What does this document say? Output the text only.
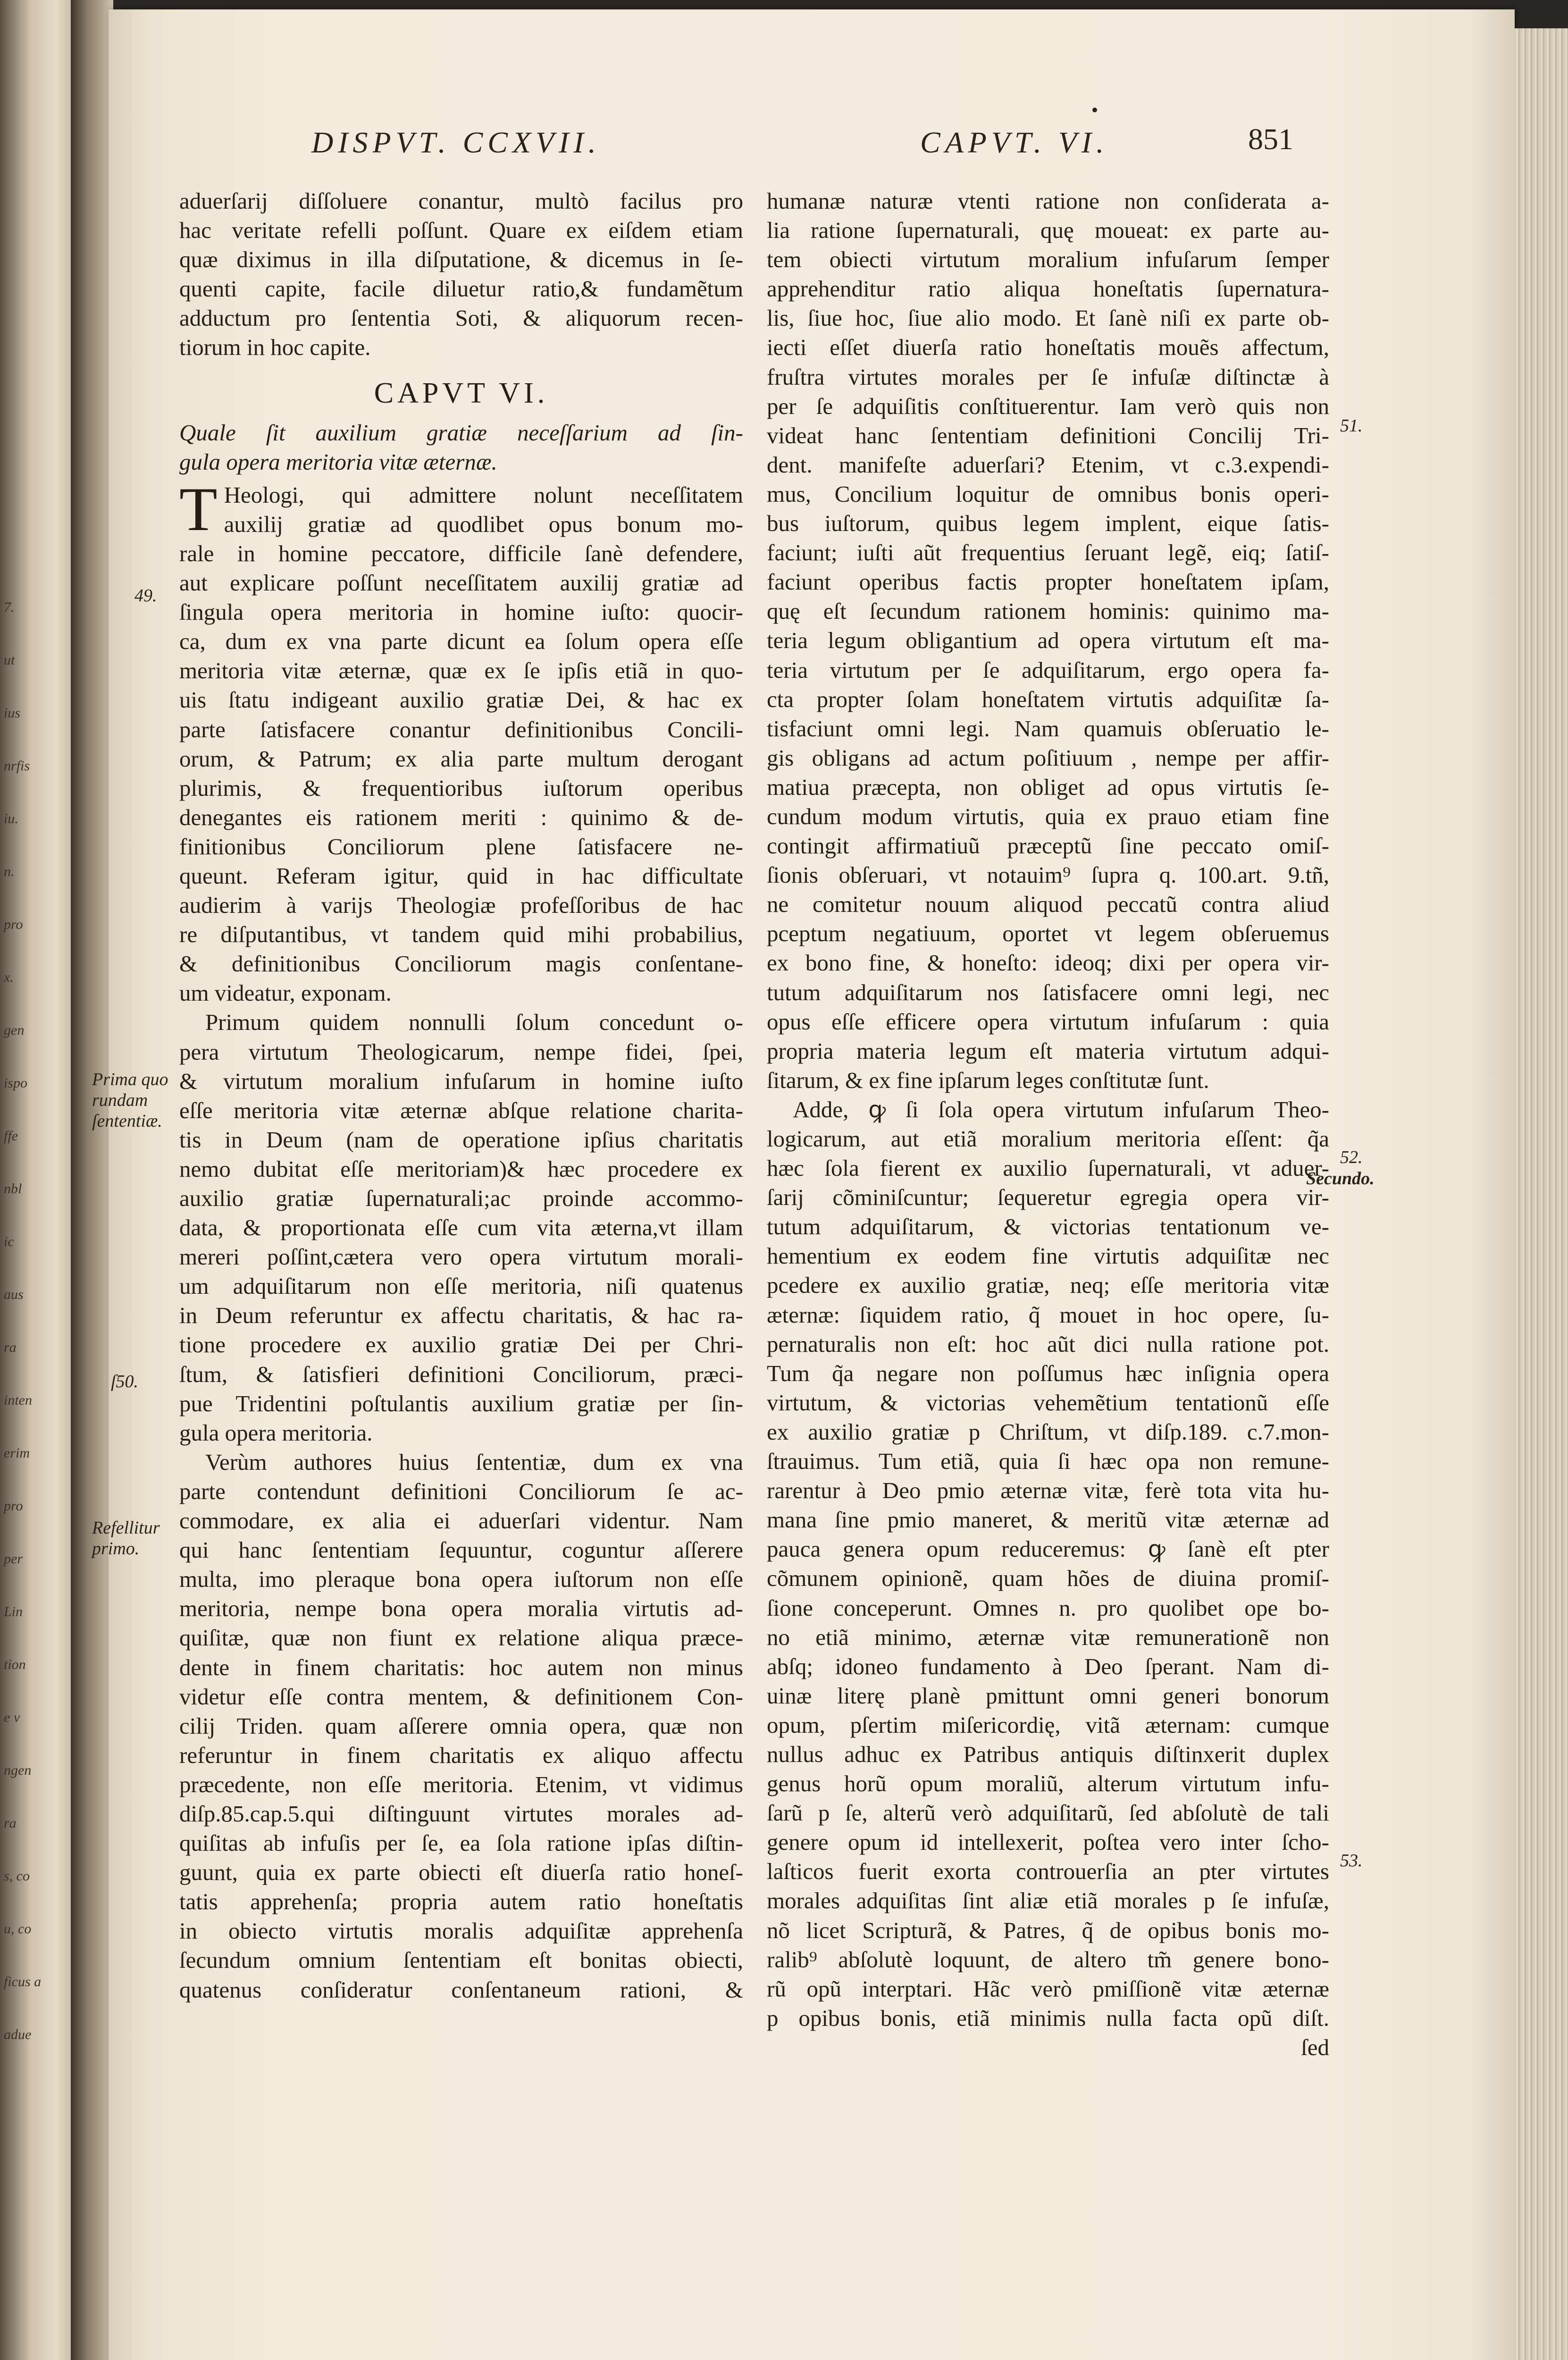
7.
ut
ius
nrfis
iu.
n.
pro
x.
gen
ispo
ffe
nbl
ic
aus
ra
inten
erim
pro
per
Lin
tion
e v
ngen
ra
s, co
u, co
ficus a
adue
DISPVT. CCXVII.	CAPVT. VI.	851

aduerſarij diſſoluere conantur, multò facilus pro

hac veritate refelli poſſunt. Quare ex eiſdem etiam

quæ diximus in illa diſputatione, & dicemus in ſe-

quenti capite, facile diluetur ratio,& fundamẽtum

adductum pro ſententia Soti, & aliquorum recen-

tiorum in hoc capite.

CAPVT VI.

Quale ſit auxilium gratiæ neceſſarium ad ſin-

gula opera meritoria vitæ æternæ.

T Heologi, qui admittere nolunt neceſſitatem

auxilij gratiæ ad quodlibet opus bonum mo-

rale in homine peccatore, difficile ſanè defendere,

aut explicare poſſunt neceſſitatem auxilij gratiæ ad

ſingula opera meritoria in homine iuſto: quocir-

ca, dum ex vna parte dicunt ea ſolum opera eſſe

meritoria vitæ æternæ, quæ ex ſe ipſis etiã in quo-

uis ſtatu indigeant auxilio gratiæ Dei, & hac ex

parte ſatisfacere conantur definitionibus Concili-

orum, & Patrum; ex alia parte multum derogant

plurimis, & frequentioribus iuſtorum operibus

denegantes eis rationem meriti : quinimo & de-

finitionibus Conciliorum plene ſatisfacere ne-

queunt. Referam igitur, quid in hac difficultate

audierim à varijs Theologiæ profeſſoribus de hac

re diſputantibus, vt tandem quid mihi probabilius,

& definitionibus Conciliorum magis conſentane-

um videatur, exponam.

Primum quidem nonnulli ſolum concedunt o-

pera virtutum Theologicarum, nempe fidei, ſpei,

& virtutum moralium infuſarum in homine iuſto

eſſe meritoria vitæ æternæ abſque relatione charita-

tis in Deum (nam de operatione ipſius charitatis

nemo dubitat eſſe meritoriam)& hæc procedere ex

auxilio gratiæ ſupernaturali;ac proinde accommo-

data, & proportionata eſſe cum vita æterna,vt illam

mereri poſſint,cætera vero opera virtutum morali-

um adquiſitarum non eſſe meritoria, niſi quatenus

in Deum referuntur ex affectu charitatis, & hac ra-

tione procedere ex auxilio gratiæ Dei per Chri-

ſtum, & ſatisfieri definitioni Conciliorum, præci-

pue Tridentini poſtulantis auxilium gratiæ per ſin-

gula opera meritoria.

Verùm authores huius ſententiæ, dum ex vna

parte contendunt definitioni Conciliorum ſe ac-

commodare, ex alia ei aduerſari videntur. Nam

qui hanc ſententiam ſequuntur, coguntur aſſerere

multa, imo pleraque bona opera iuſtorum non eſſe

meritoria, nempe bona opera moralia virtutis ad-

quiſitæ, quæ non fiunt ex relatione aliqua præce-

dente in finem charitatis: hoc autem non minus

videtur eſſe contra mentem, & definitionem Con-

cilij Triden. quam aſſerere omnia opera, quæ non

referuntur in finem charitatis ex aliquo affectu

præcedente, non eſſe meritoria. Etenim, vt vidimus

diſp.85.cap.5.qui diſtinguunt virtutes morales ad-

quiſitas ab infuſis per ſe, ea ſola ratione ipſas diſtin-

guunt, quia ex parte obiecti eſt diuerſa ratio honeſ-

tatis apprehenſa; propria autem ratio honeſtatis

in obiecto virtutis moralis adquiſitæ apprehenſa

ſecundum omnium ſententiam eſt bonitas obiecti,

quatenus conſideratur conſentaneum rationi, &

humanæ naturæ vtenti ratione non conſiderata a-

lia ratione ſupernaturali, quę moueat: ex parte au-

tem obiecti virtutum moralium infuſarum ſemper

apprehenditur ratio aliqua honeſtatis ſupernatura-

lis, ſiue hoc, ſiue alio modo. Et ſanè niſi ex parte ob-

iecti eſſet diuerſa ratio honeſtatis mouẽs affectum,

fruſtra virtutes morales per ſe infuſæ diſtinctæ à

per ſe adquiſitis conſtituerentur. Iam verò quis non

videat hanc ſententiam definitioni Concilij Tri-

dent. manifeſte aduerſari? Etenim, vt c.3.expendi-

mus, Concilium loquitur de omnibus bonis operi-

bus iuſtorum, quibus legem implent, eique ſatis-

faciunt; iuſti aũt frequentius ſeruant legẽ, eiq; ſatiſ-

faciunt operibus factis propter honeſtatem ipſam,

quę eſt ſecundum rationem hominis: quinimo ma-

teria legum obligantium ad opera virtutum eſt ma-

teria virtutum per ſe adquiſitarum, ergo opera fa-

cta propter ſolam honeſtatem virtutis adquiſitæ ſa-

tisfaciunt omni legi. Nam quamuis obſeruatio le-

gis obligans ad actum poſitiuum , nempe per affir-

matiua præcepta, non obliget ad opus virtutis ſe-

cundum modum virtutis, quia ex prauo etiam fine

contingit affirmatiuũ præceptũ ſine peccato omiſ-

ſionis obſeruari, vt notauim⁹ ſupra q. 100.art. 9.tñ,

ne comitetur nouum aliquod peccatũ contra aliud

pceptum negatiuum, oportet vt legem obſeruemus

ex bono fine, & honeſto: ideoq; dixi per opera vir-

tutum adquiſitarum nos ſatisfacere omni legi, nec

opus eſſe efficere opera virtutum infuſarum : quia

propria materia legum eſt materia virtutum adqui-

ſitarum, & ex fine ipſarum leges conſtitutæ ſunt.

Adde, ꝙ ſi ſola opera virtutum infuſarum Theo-

logicarum, aut etiã moralium meritoria eſſent: q̃a

hæc ſola fierent ex auxilio ſupernaturali, vt aduer-

ſarij cõminiſcuntur; ſequeretur egregia opera vir-

tutum adquiſitarum, & victorias tentationum ve-

hementium ex eodem fine virtutis adquiſitæ nec

pcedere ex auxilio gratiæ, neq; eſſe meritoria vitæ

æternæ: ſiquidem ratio, q̃ mouet in hoc opere, ſu-

pernaturalis non eſt: hoc aũt dici nulla ratione pot.

Tum q̃a negare non poſſumus hæc inſignia opera

virtutum, & victorias vehemẽtium tentationũ eſſe

ex auxilio gratiæ p Chriſtum, vt diſp.189. c.7.mon-

ſtrauimus. Tum etiã, quia ſi hæc opa non remune-

rarentur à Deo pmio æternæ vitæ, ferè tota vita hu-

mana ſine pmio maneret, & meritũ vitæ æternæ ad

pauca genera opum reduceremus: ꝙ ſanè eſt pter

cõmunem opinionẽ, quam hões de diuina promiſ-

ſione conceperunt. Omnes n. pro quolibet ope bo-

no etiã minimo, æternæ vitæ remunerationẽ non

abſq; idoneo fundamento à Deo ſperant. Nam di-

uinæ literę planè pmittunt omni generi bonorum

opum, pſertim miſericordię, vitã æternam: cumque

nullus adhuc ex Patribus antiquis diſtinxerit duplex

genus horũ opum moraliũ, alterum virtutum infu-

ſarũ p ſe, alterũ verò adquiſitarũ, ſed abſolutè de tali

genere opum id intellexerit, poſtea vero inter ſcho-

laſticos fuerit exorta controuerſia an pter virtutes

morales adquiſitas ſint aliæ etiã morales p ſe infuſæ,

nõ licet Scripturã, & Patres, q̃ de opibus bonis mo-

ralib⁹ abſolutè loquunt, de altero tm̃ genere bono-

rũ opũ interptari. Hãc verò pmiſſionẽ vitæ æternæ

p opibus bonis, etiã minimis nulla facta opũ diſt.

ſed

49.
Prima quo
rundam
ſententiæ.
ſ50.
Refellitur
primo.
51.
52.
Secundo.
53.
